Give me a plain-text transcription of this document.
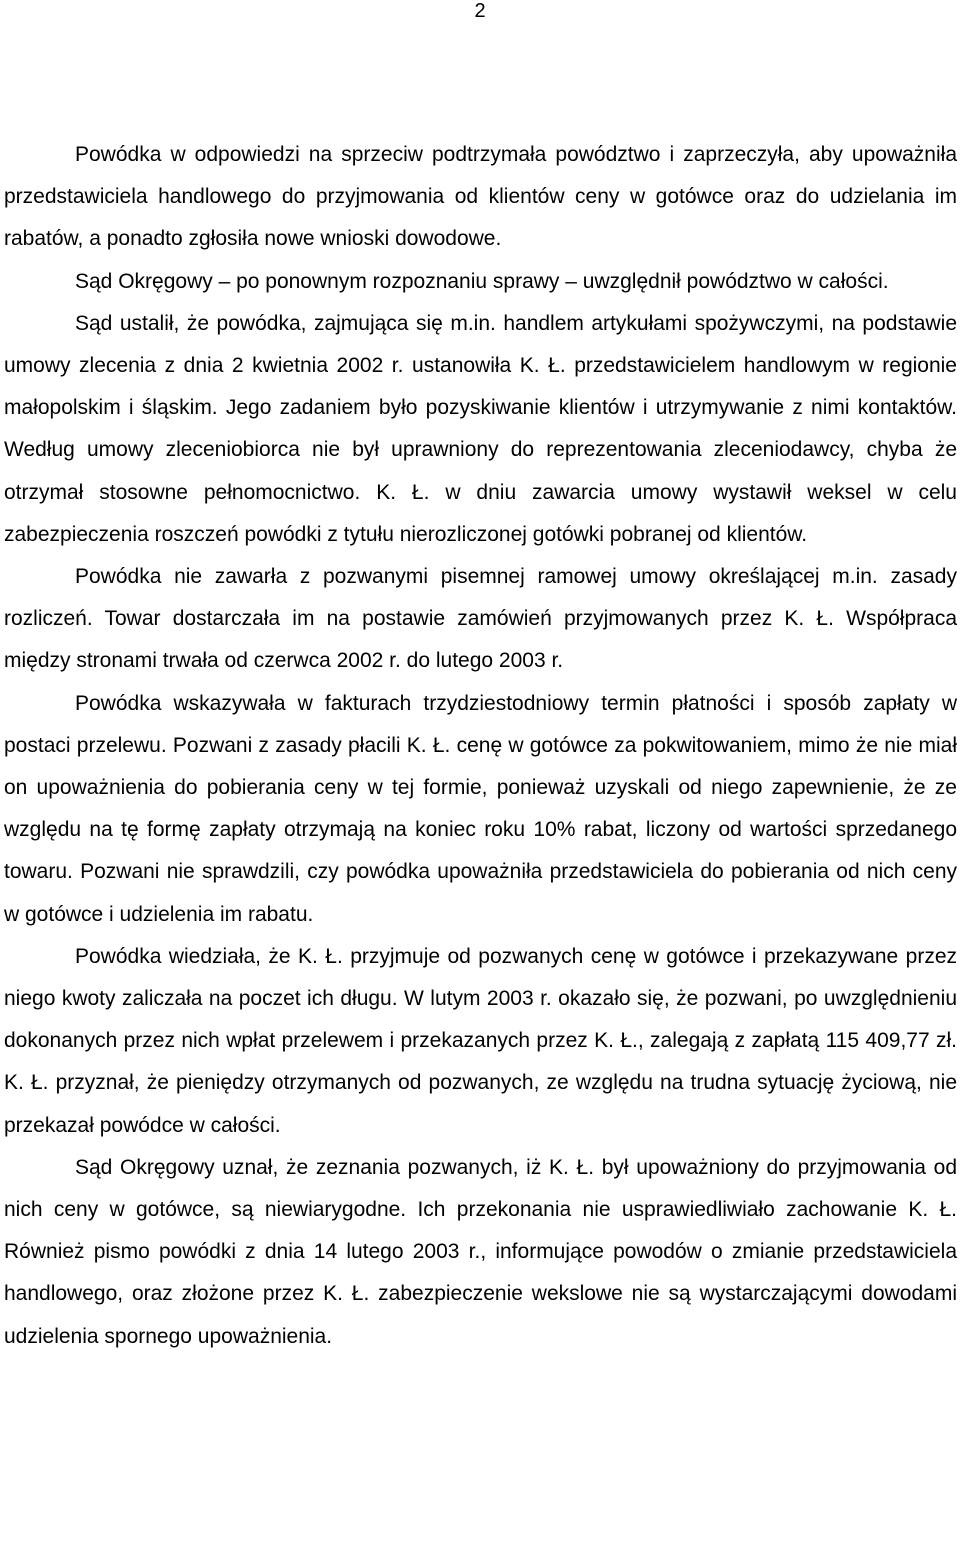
2

Powódka w odpowiedzi na sprzeciw podtrzymała powództwo i zaprzeczyła, aby upoważniła przedstawiciela handlowego do przyjmowania od klientów ceny w gotówce oraz do udzielania im rabatów, a ponadto zgłosiła nowe wnioski dowodowe.

Sąd Okręgowy – po ponownym rozpoznaniu sprawy – uwzględnił powództwo w całości.

Sąd ustalił, że powódka, zajmująca się m.in. handlem artykułami spożywczymi, na podstawie umowy zlecenia z dnia 2 kwietnia 2002 r. ustanowiła K. Ł. przedstawicielem handlowym w regionie małopolskim i śląskim. Jego zadaniem było pozyskiwanie klientów i utrzymywanie z nimi kontaktów. Według umowy zleceniobiorca nie był uprawniony do reprezentowania zleceniodawcy, chyba że otrzymał stosowne pełnomocnictwo. K. Ł. w dniu zawarcia umowy wystawił weksel w celu zabezpieczenia roszczeń powódki z tytułu nierozliczonej gotówki pobranej od klientów.

Powódka nie zawarła z pozwanymi pisemnej ramowej umowy określającej m.in. zasady rozliczeń. Towar dostarczała im na postawie zamówień przyjmowanych przez K. Ł. Współpraca między stronami trwała od czerwca 2002 r. do lutego 2003 r.

Powódka wskazywała w fakturach trzydziestodniowy termin płatności i sposób zapłaty w postaci przelewu. Pozwani z zasady płacili K. Ł. cenę w gotówce za pokwitowaniem, mimo że nie miał on upoważnienia do pobierania ceny w tej formie, ponieważ uzyskali od niego zapewnienie, że ze względu na tę formę zapłaty otrzymają na koniec roku 10% rabat, liczony od wartości sprzedanego towaru. Pozwani nie sprawdzili, czy powódka upoważniła przedstawiciela do pobierania od nich ceny w gotówce i udzielenia im rabatu.

Powódka wiedziała, że K. Ł. przyjmuje od pozwanych cenę w gotówce i przekazywane przez niego kwoty zaliczała na poczet ich długu. W lutym 2003 r. okazało się, że pozwani, po uwzględnieniu dokonanych przez nich wpłat przelewem i przekazanych przez K. Ł., zalegają z zapłatą 115 409,77 zł. K. Ł. przyznał, że pieniędzy otrzymanych od pozwanych, ze względu na trudna sytuację życiową, nie przekazał powódce w całości.

Sąd Okręgowy uznał, że zeznania pozwanych, iż K. Ł. był upoważniony do przyjmowania od nich ceny w gotówce, są niewiarygodne. Ich przekonania nie usprawiedliwiało zachowanie K. Ł. Również pismo powódki z dnia 14 lutego 2003 r., informujące powodów o zmianie przedstawiciela handlowego, oraz złożone przez K. Ł. zabezpieczenie wekslowe nie są wystarczającymi dowodami udzielenia spornego upoważnienia.
